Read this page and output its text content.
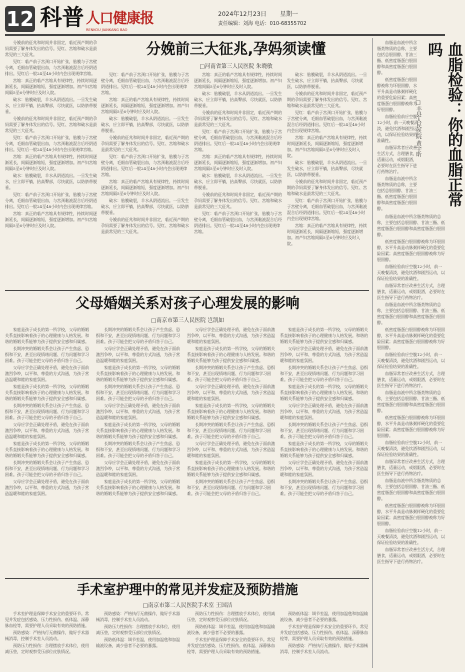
12 科普 人口健康报
RENKOU JIANKANG BAO
2024年12月23日 星期一
责任编辑：刘海 电话：010-68355702

分娩前的征兆和时间并非固定，临近预产期的孕妈需要了解身体发出的信号。见红、宫缩和破水是最常见的三大征兆。

见红：临产前子宫颈口开始扩张，胎膜与子宫壁分离，毛细血管破裂出血，与宫颈黏液混合后经阴道排出。见红后一般24至48小时内会出现规律宫缩。

宫缩：真正的临产宫缩具有规律性，持续时间逐渐延长，间隔逐渐缩短，强度逐渐增加。初产妇宫缩间隔5至6分钟时应及时入院。

破水：胎膜破裂，羊水从阴道流出。一旦发生破水，应立即平躺，抬高臀部，尽快就医，以防脐带脱垂。

分娩前的征兆和时间并非固定，临近预产期的孕妈需要了解身体发出的信号。见红、宫缩和破水是最常见的三大征兆。

见红：临产前子宫颈口开始扩张，胎膜与子宫壁分离，毛细血管破裂出血，与宫颈黏液混合后经阴道排出。见红后一般24至48小时内会出现规律宫缩。

宫缩：真正的临产宫缩具有规律性，持续时间逐渐延长，间隔逐渐缩短，强度逐渐增加。初产妇宫缩间隔5至6分钟时应及时入院。

破水：胎膜破裂，羊水从阴道流出。一旦发生破水，应立即平躺，抬高臀部，尽快就医，以防脐带脱垂。

见红：临产前子宫颈口开始扩张，胎膜与子宫壁分离，毛细血管破裂出血，与宫颈黏液混合后经阴道排出。见红后一般24至48小时内会出现规律宫缩。

宫缩：真正的临产宫缩具有规律性，持续时间逐渐延长，间隔逐渐缩短，强度逐渐增加。初产妇宫缩间隔5至6分钟时应及时入院。

分娩前三大征兆,孕妈须读懂
□河南省第三人民医院 朱晓敏

见红：临产前子宫颈口开始扩张，胎膜与子宫壁分离，毛细血管破裂出血，与宫颈黏液混合后经阴道排出。见红后一般24至48小时内会出现规律宫缩。

宫缩：真正的临产宫缩具有规律性，持续时间逐渐延长，间隔逐渐缩短，强度逐渐增加。初产妇宫缩间隔5至6分钟时应及时入院。

破水：胎膜破裂，羊水从阴道流出。一旦发生破水，应立即平躺，抬高臀部，尽快就医，以防脐带脱垂。

分娩前的征兆和时间并非固定，临近预产期的孕妈需要了解身体发出的信号。见红、宫缩和破水是最常见的三大征兆。

见红：临产前子宫颈口开始扩张，胎膜与子宫壁分离，毛细血管破裂出血，与宫颈黏液混合后经阴道排出。见红后一般24至48小时内会出现规律宫缩。

宫缩：真正的临产宫缩具有规律性，持续时间逐渐延长，间隔逐渐缩短，强度逐渐增加。初产妇宫缩间隔5至6分钟时应及时入院。

破水：胎膜破裂，羊水从阴道流出。一旦发生破水，应立即平躺，抬高臀部，尽快就医，以防脐带脱垂。

分娩前的征兆和时间并非固定，临近预产期的孕妈需要了解身体发出的信号。见红、宫缩和破水是最常见的三大征兆。

宫缩：真正的临产宫缩具有规律性，持续时间逐渐延长，间隔逐渐缩短，强度逐渐增加。初产妇宫缩间隔5至6分钟时应及时入院。

破水：胎膜破裂，羊水从阴道流出。一旦发生破水，应立即平躺，抬高臀部，尽快就医，以防脐带脱垂。

分娩前的征兆和时间并非固定，临近预产期的孕妈需要了解身体发出的信号。见红、宫缩和破水是最常见的三大征兆。

见红：临产前子宫颈口开始扩张，胎膜与子宫壁分离，毛细血管破裂出血，与宫颈黏液混合后经阴道排出。见红后一般24至48小时内会出现规律宫缩。

宫缩：真正的临产宫缩具有规律性，持续时间逐渐延长，间隔逐渐缩短，强度逐渐增加。初产妇宫缩间隔5至6分钟时应及时入院。

破水：胎膜破裂，羊水从阴道流出。一旦发生破水，应立即平躺，抬高臀部，尽快就医，以防脐带脱垂。

分娩前的征兆和时间并非固定，临近预产期的孕妈需要了解身体发出的信号。见红、宫缩和破水是最常见的三大征兆。

见红：临产前子宫颈口开始扩张，胎膜与子宫壁分离，毛细血管破裂出血，与宫颈黏液混合后经阴道排出。见红后一般24至48小时内会出现规律宫缩。

破水：胎膜破裂，羊水从阴道流出。一旦发生破水，应立即平躺，抬高臀部，尽快就医，以防脐带脱垂。

分娩前的征兆和时间并非固定，临近预产期的孕妈需要了解身体发出的信号。见红、宫缩和破水是最常见的三大征兆。

见红：临产前子宫颈口开始扩张，胎膜与子宫壁分离，毛细血管破裂出血，与宫颈黏液混合后经阴道排出。见红后一般24至48小时内会出现规律宫缩。

宫缩：真正的临产宫缩具有规律性，持续时间逐渐延长，间隔逐渐缩短，强度逐渐增加。初产妇宫缩间隔5至6分钟时应及时入院。

破水：胎膜破裂，羊水从阴道流出。一旦发生破水，应立即平躺，抬高臀部，尽快就医，以防脐带脱垂。

分娩前的征兆和时间并非固定，临近预产期的孕妈需要了解身体发出的信号。见红、宫缩和破水是最常见的三大征兆。

见红：临产前子宫颈口开始扩张，胎膜与子宫壁分离，毛细血管破裂出血，与宫颈黏液混合后经阴道排出。见红后一般24至48小时内会出现规律宫缩。

宫缩：真正的临产宫缩具有规律性，持续时间逐渐延长，间隔逐渐缩短，强度逐渐增加。初产妇宫缩间隔5至6分钟时应及时入院。

血脂是血液中所含脂类物质的总称，主要包括总胆固醇、甘油三酯、低密度脂蛋白胆固醇和高密度脂蛋白胆固醇。

低密度脂蛋白胆固醇被称为坏胆固醇，水平升高是动脉粥样硬化的重要危险因素；高密度脂蛋白胆固醇被称为好胆固醇。

血脂检验前应空腹12小时，前一天晚餐清淡，避免饮酒和剧烈运动，以保证检验结果的准确性。

血脂异常者应改善生活方式，合理膳食，适量运动，戒烟限酒，必要时在医生指导下进行药物治疗。

血脂是血液中所含脂类物质的总称，主要包括总胆固醇、甘油三酯、低密度脂蛋白胆固醇和高密度脂蛋白胆固醇。

血脂检验：你的血脂正常吗
□丰县人民医院 黄宇昕
父母婚姻关系对孩子心理发展的影响
□南京市第三人民医院 岂凯如

家庭是孩子成长的第一所学校，父母的婚姻关系直接影响着孩子的心理健康与人格发展。和谐的婚姻关系能够为孩子提供安全感和归属感。

长期冲突的婚姻关系会让孩子产生焦虑、恐惧和不安，甚至出现情绪问题、行为问题和学习困难。孩子可能会把父母的矛盾归咎于自己。

父母应学会正确处理矛盾，避免在孩子面前激烈争吵，以平和、尊重的方式沟通，为孩子营造温暖和睦的家庭氛围。

家庭是孩子成长的第一所学校，父母的婚姻关系直接影响着孩子的心理健康与人格发展。和谐的婚姻关系能够为孩子提供安全感和归属感。

长期冲突的婚姻关系会让孩子产生焦虑、恐惧和不安，甚至出现情绪问题、行为问题和学习困难。孩子可能会把父母的矛盾归咎于自己。

父母应学会正确处理矛盾，避免在孩子面前激烈争吵，以平和、尊重的方式沟通，为孩子营造温暖和睦的家庭氛围。

家庭是孩子成长的第一所学校，父母的婚姻关系直接影响着孩子的心理健康与人格发展。和谐的婚姻关系能够为孩子提供安全感和归属感。

长期冲突的婚姻关系会让孩子产生焦虑、恐惧和不安，甚至出现情绪问题、行为问题和学习困难。孩子可能会把父母的矛盾归咎于自己。

父母应学会正确处理矛盾，避免在孩子面前激烈争吵，以平和、尊重的方式沟通，为孩子营造温暖和睦的家庭氛围。

长期冲突的婚姻关系会让孩子产生焦虑、恐惧和不安，甚至出现情绪问题、行为问题和学习困难。孩子可能会把父母的矛盾归咎于自己。

父母应学会正确处理矛盾，避免在孩子面前激烈争吵，以平和、尊重的方式沟通，为孩子营造温暖和睦的家庭氛围。

家庭是孩子成长的第一所学校，父母的婚姻关系直接影响着孩子的心理健康与人格发展。和谐的婚姻关系能够为孩子提供安全感和归属感。

长期冲突的婚姻关系会让孩子产生焦虑、恐惧和不安，甚至出现情绪问题、行为问题和学习困难。孩子可能会把父母的矛盾归咎于自己。

父母应学会正确处理矛盾，避免在孩子面前激烈争吵，以平和、尊重的方式沟通，为孩子营造温暖和睦的家庭氛围。

家庭是孩子成长的第一所学校，父母的婚姻关系直接影响着孩子的心理健康与人格发展。和谐的婚姻关系能够为孩子提供安全感和归属感。

长期冲突的婚姻关系会让孩子产生焦虑、恐惧和不安，甚至出现情绪问题、行为问题和学习困难。孩子可能会把父母的矛盾归咎于自己。

父母应学会正确处理矛盾，避免在孩子面前激烈争吵，以平和、尊重的方式沟通，为孩子营造温暖和睦的家庭氛围。

家庭是孩子成长的第一所学校，父母的婚姻关系直接影响着孩子的心理健康与人格发展。和谐的婚姻关系能够为孩子提供安全感和归属感。

父母应学会正确处理矛盾，避免在孩子面前激烈争吵，以平和、尊重的方式沟通，为孩子营造温暖和睦的家庭氛围。

家庭是孩子成长的第一所学校，父母的婚姻关系直接影响着孩子的心理健康与人格发展。和谐的婚姻关系能够为孩子提供安全感和归属感。

长期冲突的婚姻关系会让孩子产生焦虑、恐惧和不安，甚至出现情绪问题、行为问题和学习困难。孩子可能会把父母的矛盾归咎于自己。

父母应学会正确处理矛盾，避免在孩子面前激烈争吵，以平和、尊重的方式沟通，为孩子营造温暖和睦的家庭氛围。

家庭是孩子成长的第一所学校，父母的婚姻关系直接影响着孩子的心理健康与人格发展。和谐的婚姻关系能够为孩子提供安全感和归属感。

长期冲突的婚姻关系会让孩子产生焦虑、恐惧和不安，甚至出现情绪问题、行为问题和学习困难。孩子可能会把父母的矛盾归咎于自己。

父母应学会正确处理矛盾，避免在孩子面前激烈争吵，以平和、尊重的方式沟通，为孩子营造温暖和睦的家庭氛围。

家庭是孩子成长的第一所学校，父母的婚姻关系直接影响着孩子的心理健康与人格发展。和谐的婚姻关系能够为孩子提供安全感和归属感。

长期冲突的婚姻关系会让孩子产生焦虑、恐惧和不安，甚至出现情绪问题、行为问题和学习困难。孩子可能会把父母的矛盾归咎于自己。

家庭是孩子成长的第一所学校，父母的婚姻关系直接影响着孩子的心理健康与人格发展。和谐的婚姻关系能够为孩子提供安全感和归属感。

父母应学会正确处理矛盾，避免在孩子面前激烈争吵，以平和、尊重的方式沟通，为孩子营造温暖和睦的家庭氛围。

长期冲突的婚姻关系会让孩子产生焦虑、恐惧和不安，甚至出现情绪问题、行为问题和学习困难。孩子可能会把父母的矛盾归咎于自己。

家庭是孩子成长的第一所学校，父母的婚姻关系直接影响着孩子的心理健康与人格发展。和谐的婚姻关系能够为孩子提供安全感和归属感。

父母应学会正确处理矛盾，避免在孩子面前激烈争吵，以平和、尊重的方式沟通，为孩子营造温暖和睦的家庭氛围。

长期冲突的婚姻关系会让孩子产生焦虑、恐惧和不安，甚至出现情绪问题、行为问题和学习困难。孩子可能会把父母的矛盾归咎于自己。

家庭是孩子成长的第一所学校，父母的婚姻关系直接影响着孩子的心理健康与人格发展。和谐的婚姻关系能够为孩子提供安全感和归属感。

父母应学会正确处理矛盾，避免在孩子面前激烈争吵，以平和、尊重的方式沟通，为孩子营造温暖和睦的家庭氛围。

长期冲突的婚姻关系会让孩子产生焦虑、恐惧和不安，甚至出现情绪问题、行为问题和学习困难。孩子可能会把父母的矛盾归咎于自己。

血脂是血液中所含脂类物质的总称，主要包括总胆固醇、甘油三酯、低密度脂蛋白胆固醇和高密度脂蛋白胆固醇。

低密度脂蛋白胆固醇被称为坏胆固醇，水平升高是动脉粥样硬化的重要危险因素；高密度脂蛋白胆固醇被称为好胆固醇。

血脂检验前应空腹12小时，前一天晚餐清淡，避免饮酒和剧烈运动，以保证检验结果的准确性。

血脂异常者应改善生活方式，合理膳食，适量运动，戒烟限酒，必要时在医生指导下进行药物治疗。

血脂是血液中所含脂类物质的总称，主要包括总胆固醇、甘油三酯、低密度脂蛋白胆固醇和高密度脂蛋白胆固醇。

低密度脂蛋白胆固醇被称为坏胆固醇，水平升高是动脉粥样硬化的重要危险因素；高密度脂蛋白胆固醇被称为好胆固醇。

血脂检验前应空腹12小时，前一天晚餐清淡，避免饮酒和剧烈运动，以保证检验结果的准确性。

血脂异常者应改善生活方式，合理膳食，适量运动，戒烟限酒，必要时在医生指导下进行药物治疗。

血脂是血液中所含脂类物质的总称，主要包括总胆固醇、甘油三酯、低密度脂蛋白胆固醇和高密度脂蛋白胆固醇。

低密度脂蛋白胆固醇被称为坏胆固醇，水平升高是动脉粥样硬化的重要危险因素；高密度脂蛋白胆固醇被称为好胆固醇。

血脂检验前应空腹12小时，前一天晚餐清淡，避免饮酒和剧烈运动，以保证检验结果的准确性。

血脂异常者应改善生活方式，合理膳食，适量运动，戒烟限酒，必要时在医生指导下进行药物治疗。

血脂是血液中所含脂类物质的总称，主要包括总胆固醇、甘油三酯、低密度脂蛋白胆固醇和高密度脂蛋白胆固醇。

低密度脂蛋白胆固醇被称为坏胆固醇，水平升高是动脉粥样硬化的重要危险因素；高密度脂蛋白胆固醇被称为好胆固醇。

血脂检验前应空腹12小时，前一天晚餐清淡，避免饮酒和剧烈运动，以保证检验结果的准确性。

血脂异常者应改善生活方式，合理膳食，适量运动，戒烟限酒，必要时在医生指导下进行药物治疗。

手术室护理中的常见并发症及预防措施
□南京市第二人民医院手术室 王国洁

手术室护理是保障手术安全的重要环节。常见并发症包括感染、压力性损伤、低体温、深静脉血栓等，需要护理人员采取有效的预防措施。

预防感染：严格执行无菌操作，做好手术器械消毒，控制手术室人员流动。

预防压力性损伤：合理摆放手术体位，使用减压垫，定时观察受压部位皮肤情况。

预防感染：严格执行无菌操作，做好手术器械消毒，控制手术室人员流动。

预防压力性损伤：合理摆放手术体位，使用减压垫，定时观察受压部位皮肤情况。

预防低体温：调节室温，使用加温毯和加温输液设备，减少患者不必要的暴露。

预防压力性损伤：合理摆放手术体位，使用减压垫，定时观察受压部位皮肤情况。

预防低体温：调节室温，使用加温毯和加温输液设备，减少患者不必要的暴露。

手术室护理是保障手术安全的重要环节。常见并发症包括感染、压力性损伤、低体温、深静脉血栓等，需要护理人员采取有效的预防措施。

预防低体温：调节室温，使用加温毯和加温输液设备，减少患者不必要的暴露。

手术室护理是保障手术安全的重要环节。常见并发症包括感染、压力性损伤、低体温、深静脉血栓等，需要护理人员采取有效的预防措施。

预防感染：严格执行无菌操作，做好手术器械消毒，控制手术室人员流动。
